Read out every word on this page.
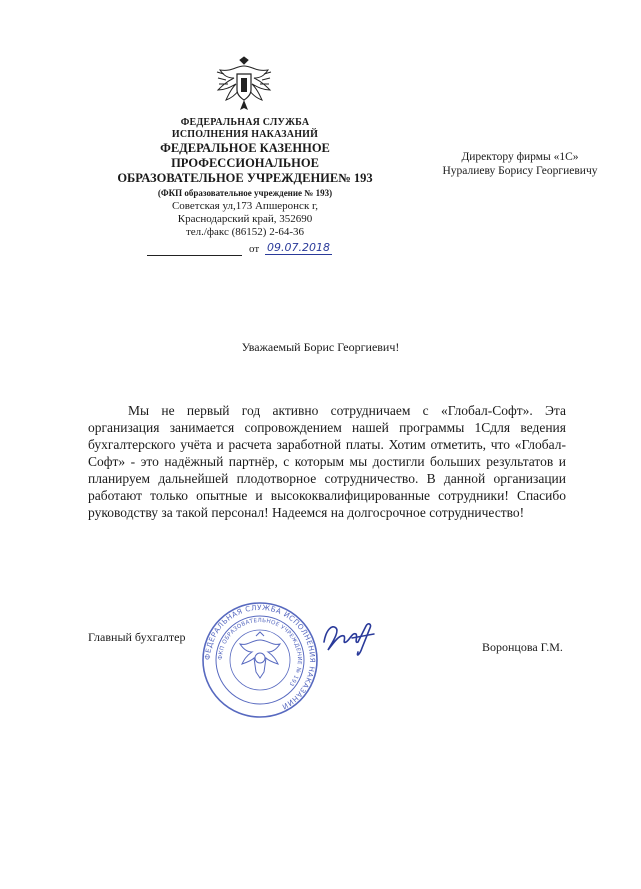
ФЕДЕРАЛЬНАЯ СЛУЖБА
ИСПОЛНЕНИЯ НАКАЗАНИЙ
ФЕДЕРАЛЬНОЕ КАЗЕННОЕ
ПРОФЕССИОНАЛЬНОЕ
ОБРАЗОВАТЕЛЬНОЕ УЧРЕЖДЕНИЕ№ 193
(ФКП образовательное учреждение № 193)
Советская ул,173 Апшеронск г,
Краснодарский край, 352690
тел./факс (86152) 2-64-36
от 09.07.2018
Директору фирмы «1С»
Нуралиеву Борису Георгиевичу
Уважаемый Борис Георгиевич!
Мы не первый год активно сотрудничаем с «Глобал-Софт». Эта организация занимается сопровождением нашей программы 1Сдля ведения бухгалтерского учёта и расчета заработной платы. Хотим отметить, что «Глобал-Софт» - это надёжный партнёр, с которым мы достигли больших результатов и планируем дальнейшей плодотворное сотрудничество. В данной организации работают только опытные и высококвалифицированные сотрудники! Спасибо руководству за такой персонал! Надеемся на долгосрочное сотрудничество!
ФЕДЕРАЛЬНАЯ СЛУЖБА ИСПОЛНЕНИЯ НАКАЗАНИЙ
ФКП ОБРАЗОВАТЕЛЬНОЕ УЧРЕЖДЕНИЕ № 193
Главный бухгалтер
Воронцова Г.М.
